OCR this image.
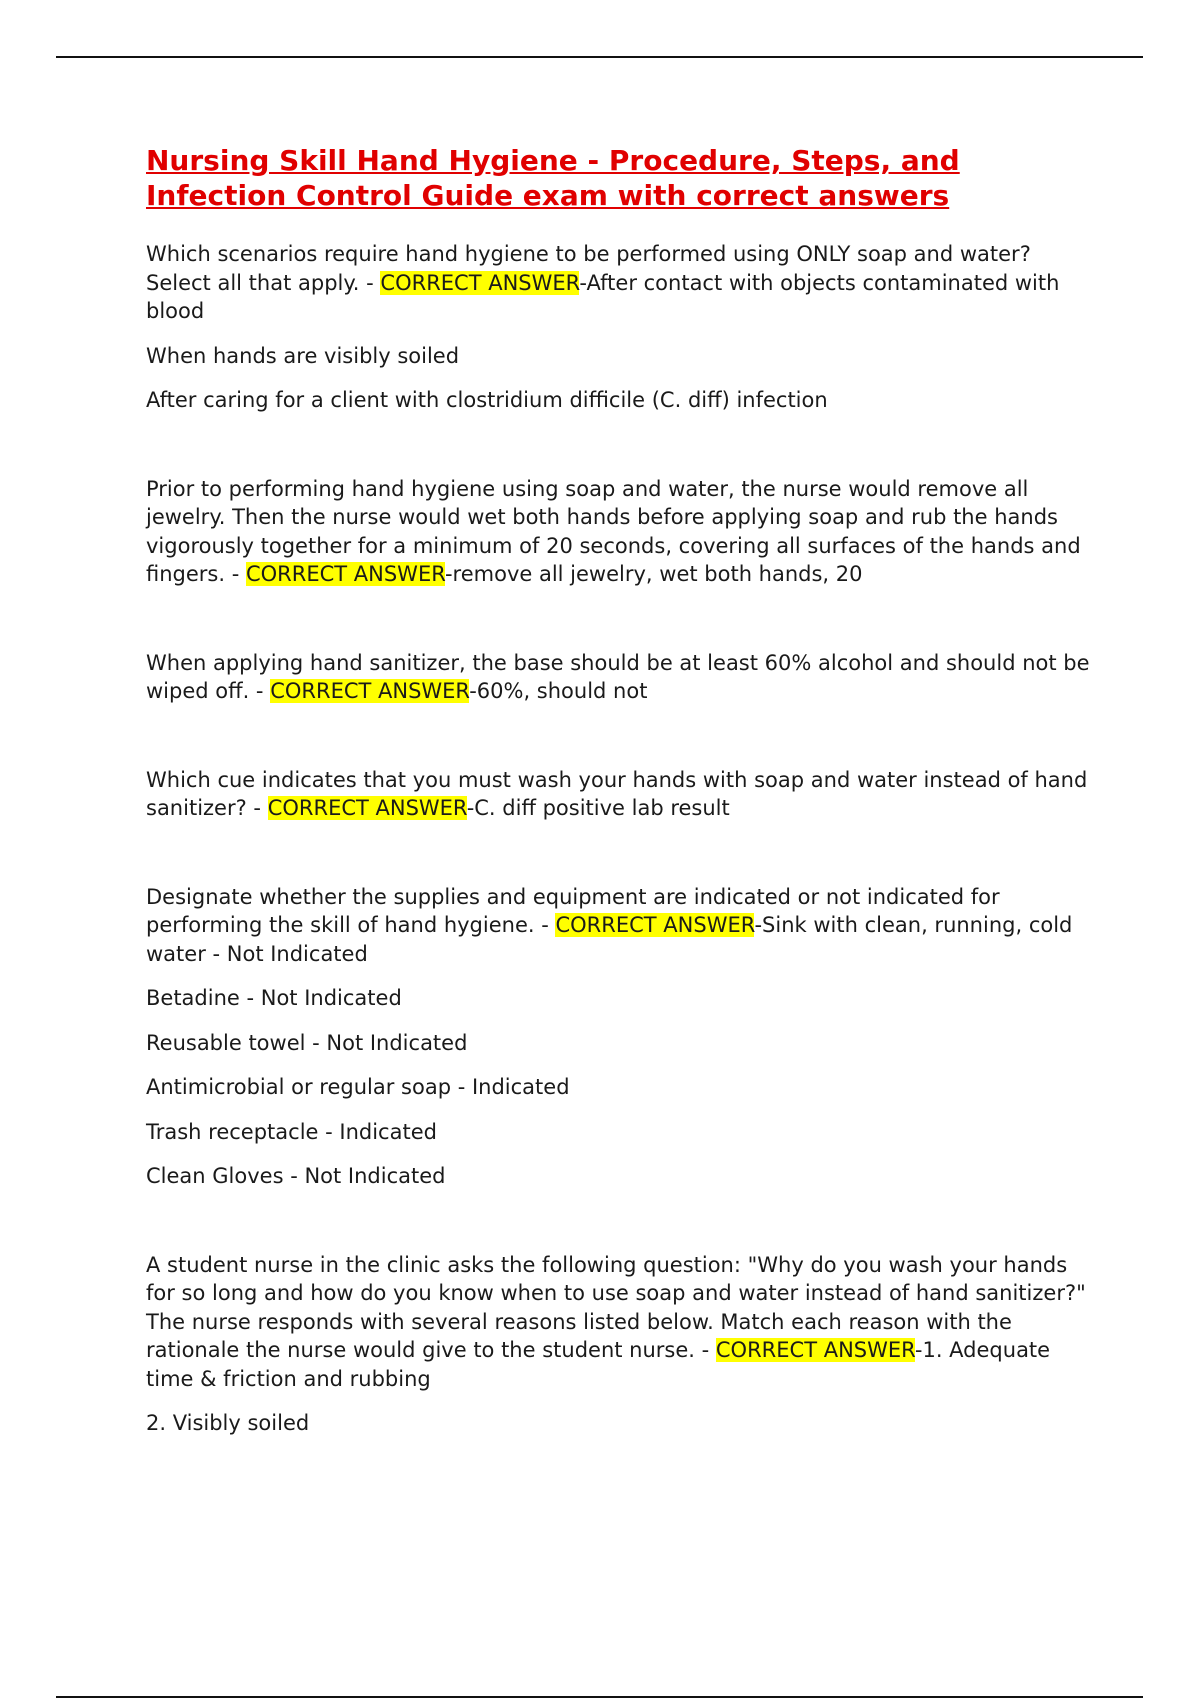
Nursing Skill Hand Hygiene - Procedure, Steps, and Infection Control Guide exam with correct answers

Which scenarios require hand hygiene to be performed using ONLY soap and water? Select all that apply. - CORRECT ANSWER-After contact with objects contaminated with blood

When hands are visibly soiled

After caring for a client with clostridium difficile (C. diff) infection

Prior to performing hand hygiene using soap and water, the nurse would remove all jewelry. Then the nurse would wet both hands before applying soap and rub the hands vigorously together for a minimum of 20 seconds, covering all surfaces of the hands and fingers. - CORRECT ANSWER-remove all jewelry, wet both hands, 20

When applying hand sanitizer, the base should be at least 60% alcohol and should not be wiped off. - CORRECT ANSWER-60%, should not

Which cue indicates that you must wash your hands with soap and water instead of hand sanitizer? - CORRECT ANSWER-C. diff positive lab result

Designate whether the supplies and equipment are indicated or not indicated for performing the skill of hand hygiene. - CORRECT ANSWER-Sink with clean, running, cold water - Not Indicated

Betadine - Not Indicated

Reusable towel - Not Indicated

Antimicrobial or regular soap - Indicated

Trash receptacle - Indicated

Clean Gloves - Not Indicated

A student nurse in the clinic asks the following question: "Why do you wash your hands for so long and how do you know when to use soap and water instead of hand sanitizer?" The nurse responds with several reasons listed below. Match each reason with the rationale the nurse would give to the student nurse. - CORRECT ANSWER-1. Adequate time & friction and rubbing

2. Visibly soiled
